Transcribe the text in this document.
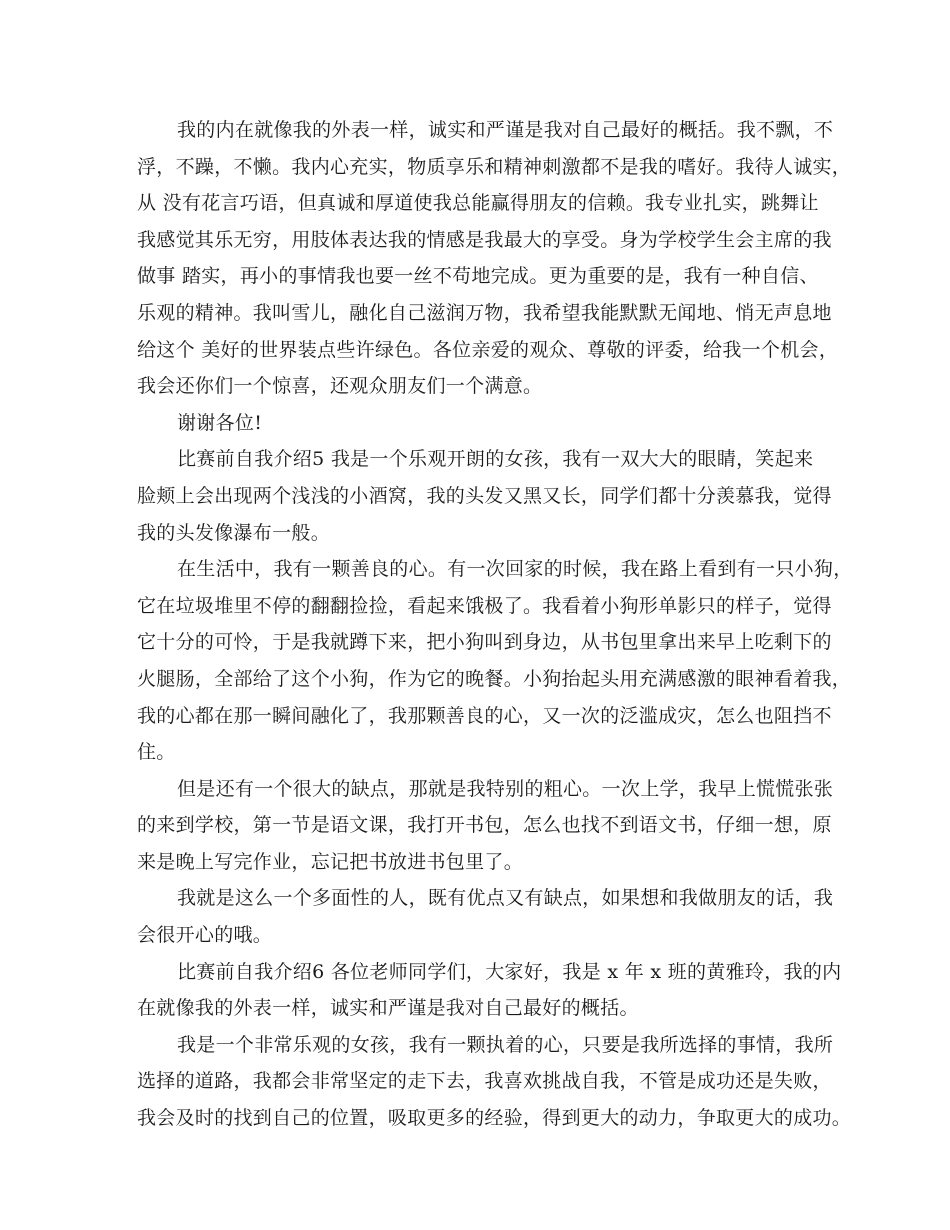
我的内在就像我的外表一样，诚实和严谨是我对自己最好的概括。我不飘，不
浮，不躁，不懒。我内心充实，物质享乐和精神刺激都不是我的嗜好。我待人诚实，
从 没有花言巧语，但真诚和厚道使我总能赢得朋友的信赖。我专业扎实，跳舞让
我感觉其乐无穷，用肢体表达我的情感是我最大的享受。身为学校学生会主席的我
做事 踏实，再小的事情我也要一丝不苟地完成。更为重要的是，我有一种自信、
乐观的精神。我叫雪儿，融化自己滋润万物，我希望我能默默无闻地、悄无声息地
给这个 美好的世界装点些许绿色。各位亲爱的观众、尊敬的评委，给我一个机会，
我会还你们一个惊喜，还观众朋友们一个满意。
谢谢各位!
比赛前自我介绍5 我是一个乐观开朗的女孩，我有一双大大的眼睛，笑起来
脸颊上会出现两个浅浅的小酒窝，我的头发又黑又长，同学们都十分羡慕我，觉得
我的头发像瀑布一般。
在生活中，我有一颗善良的心。有一次回家的时候，我在路上看到有一只小狗，
它在垃圾堆里不停的翻翻捡捡，看起来饿极了。我看着小狗形单影只的样子，觉得
它十分的可怜，于是我就蹲下来，把小狗叫到身边，从书包里拿出来早上吃剩下的
火腿肠，全部给了这个小狗，作为它的晚餐。小狗抬起头用充满感激的眼神看着我，
我的心都在那一瞬间融化了，我那颗善良的心，又一次的泛滥成灾，怎么也阻挡不
住。
但是还有一个很大的缺点，那就是我特别的粗心。一次上学，我早上慌慌张张
的来到学校，第一节是语文课，我打开书包，怎么也找不到语文书，仔细一想，原
来是晚上写完作业，忘记把书放进书包里了。
我就是这么一个多面性的人，既有优点又有缺点，如果想和我做朋友的话，我
会很开心的哦。
比赛前自我介绍6 各位老师同学们，大家好，我是 x 年 x 班的黄雅玲，我的内
在就像我的外表一样，诚实和严谨是我对自己最好的概括。
我是一个非常乐观的女孩，我有一颗执着的心，只要是我所选择的事情，我所
选择的道路，我都会非常坚定的走下去，我喜欢挑战自我，不管是成功还是失败，
我会及时的找到自己的位置，吸取更多的经验，得到更大的动力，争取更大的成功。
